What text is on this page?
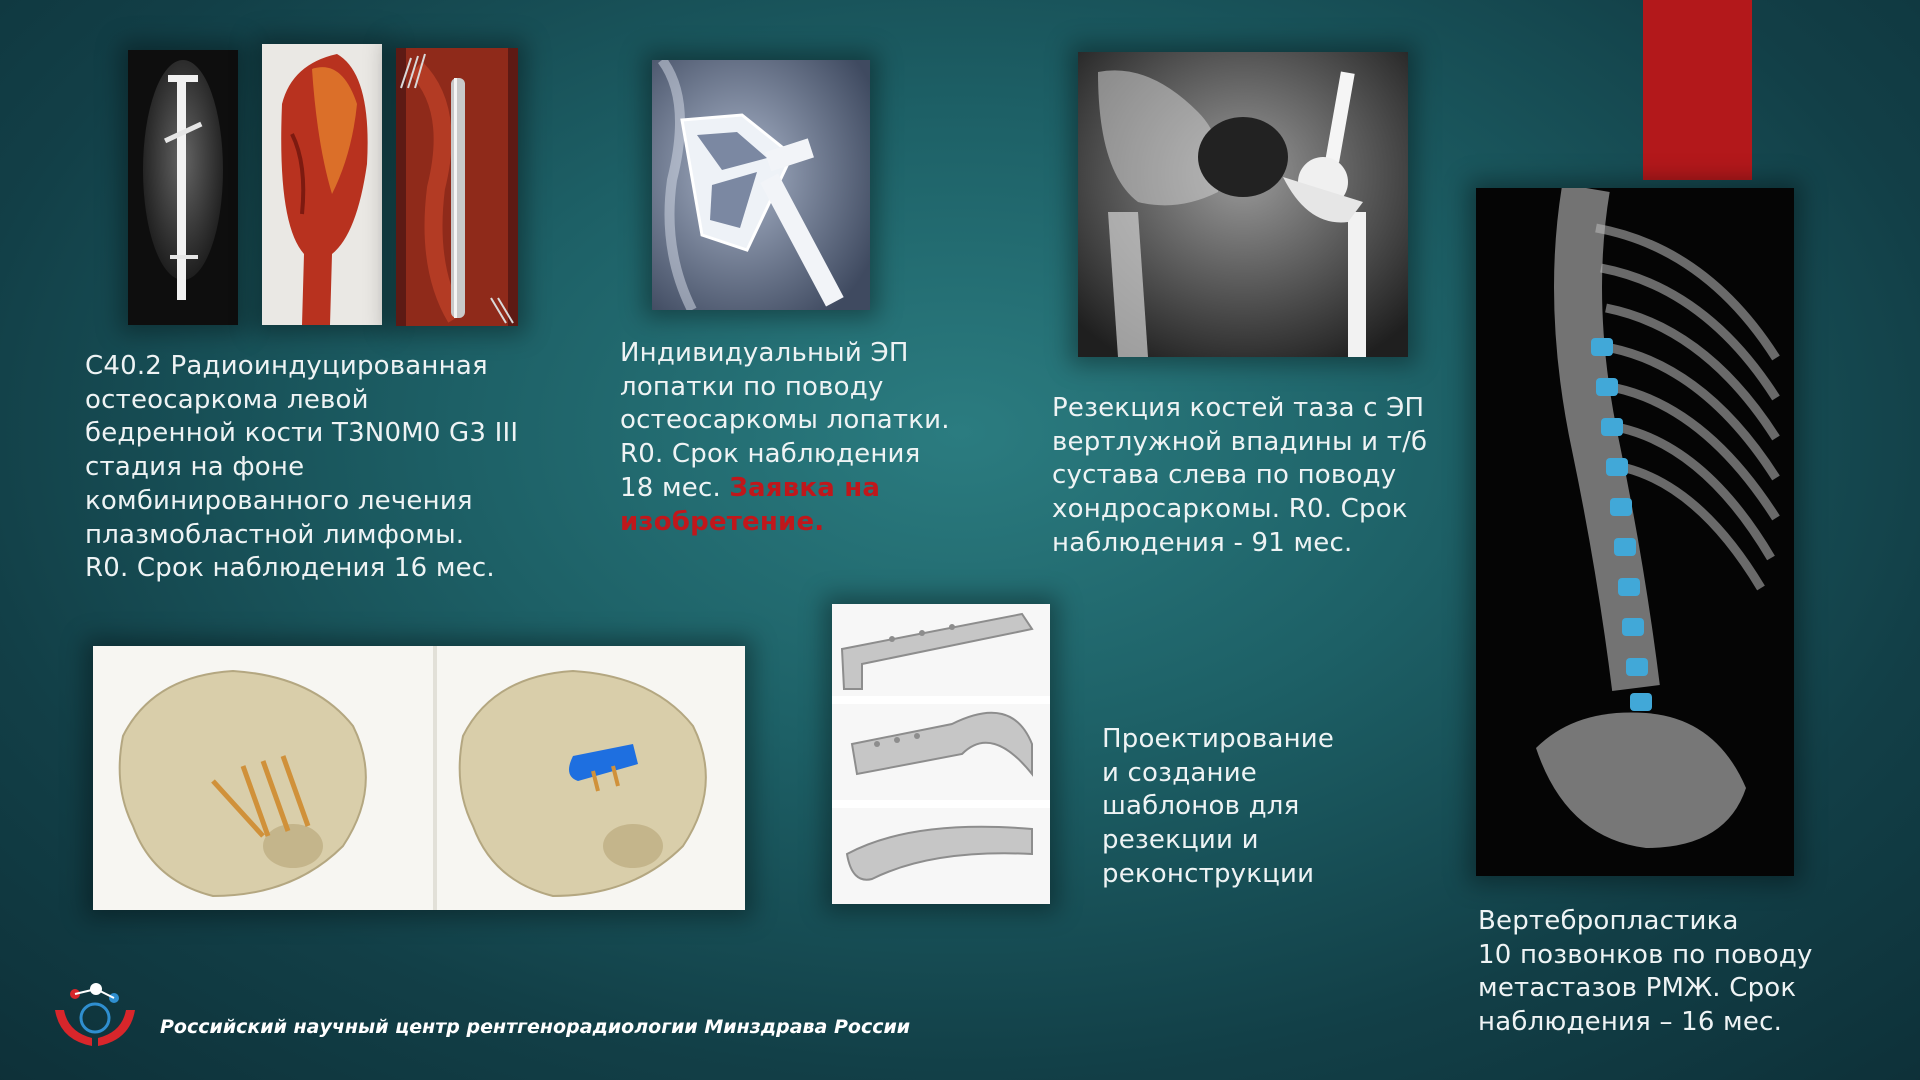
С40.2 Радиоиндуцированная
остеосаркома левой
бедренной кости T3N0M0 G3 III
стадия на фоне
комбинированного лечения
плазмобластной лимфомы.
R0. Срок наблюдения 16 мес.

Индивидуальный ЭП
лопатки по поводу
остеосаркомы лопатки.
R0. Срок наблюдения
18 мес. Заявка на
изобретение.

Резекция костей таза с ЭП
вертлужной впадины и т/б
сустава слева по поводу
хондросаркомы. R0. Срок
наблюдения - 91 мес.

Проектирование
и создание
шаблонов для
резекции и
реконструкции

Вертебропластика
10 позвонков по поводу
метастазов РМЖ. Срок
наблюдения – 16 мес.

Российский научный центр рентгенорадиологии Минздрава России
